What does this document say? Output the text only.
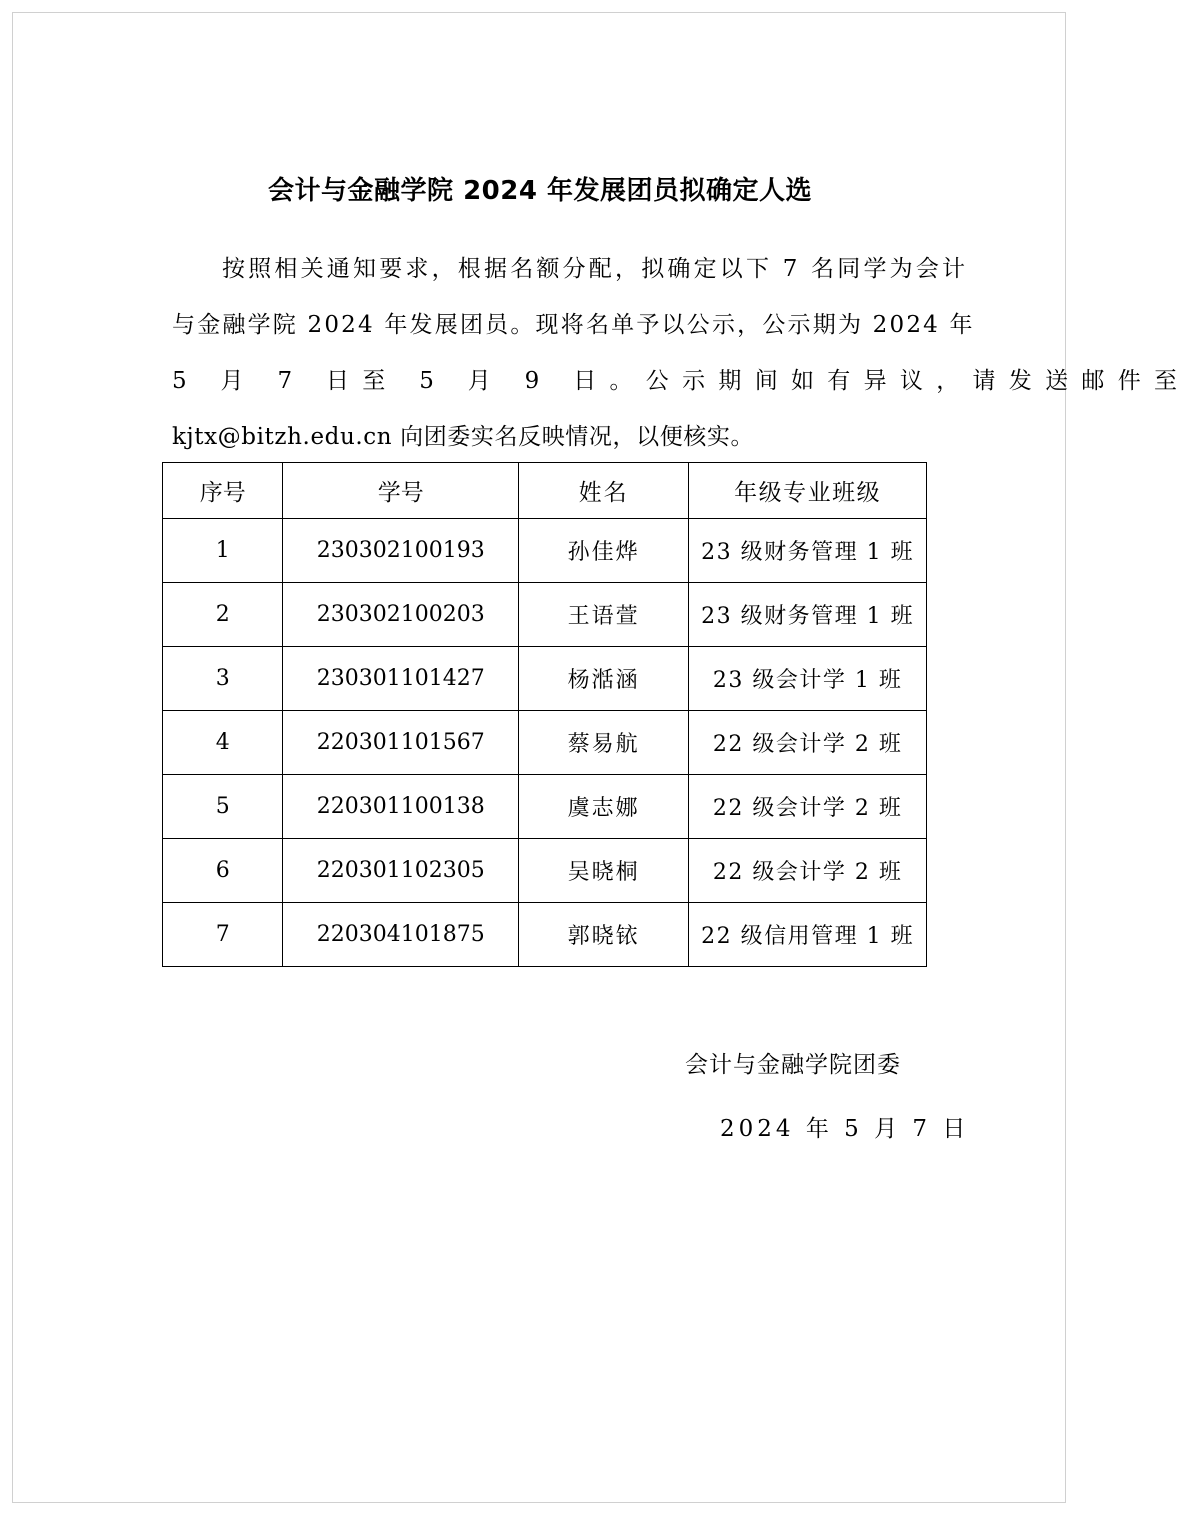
会计与金融学院 2024 年发展团员拟确定人选
按照相关通知要求，根据名额分配，拟确定以下 7 名同学为会计
与金融学院 2024 年发展团员。现将名单予以公示，公示期为 2024 年
5 月 7 日至 5 月 9 日。公示期间如有异议，请发送邮件至
kjtx@bitzh.edu.cn 向团委实名反映情况，以便核实。
序号	学号	姓名	年级专业班级
1	230302100193	孙佳烨	23 级财务管理 1 班
2	230302100203	王语萱	23 级财务管理 1 班
3	230301101427	杨湉涵	23 级会计学 1 班
4	220301101567	蔡易航	22 级会计学 2 班
5	220301100138	虞志娜	22 级会计学 2 班
6	220301102305	吴晓桐	22 级会计学 2 班
7	220304101875	郭晓铱	22 级信用管理 1 班
会计与金融学院团委
2024 年 5 月 7 日
